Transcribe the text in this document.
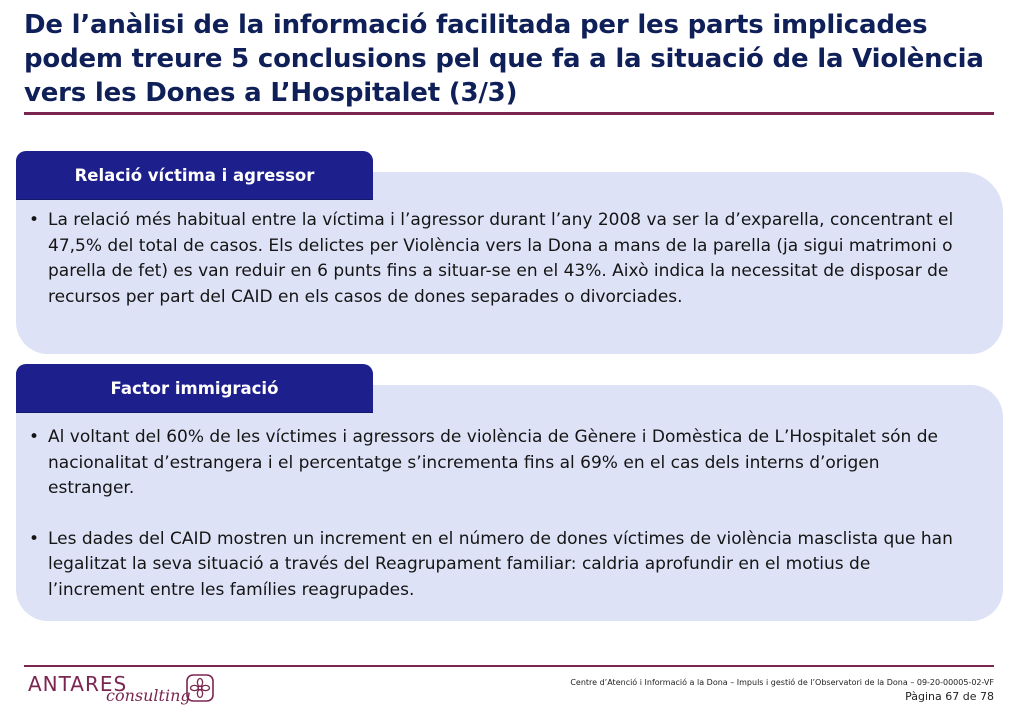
De l’anàlisi de la informació facilitada per les parts implicades podem treure 5 conclusions pel que fa a la situació de la Violència vers les Dones a L’Hospitalet (3/3)
Relació víctima i agressor
• La relació més habitual entre la víctima i l’agressor durant l’any 2008 va ser la d’exparella, concentrant el 47,5% del total de casos. Els delictes per Violència vers la Dona a mans de la parella (ja sigui matrimoni o parella de fet) es van reduir en 6 punts fins a situar-se en el 43%. Això indica la necessitat de disposar de recursos per part del CAID en els casos de dones separades o divorciades.
Factor immigració
• Al voltant del 60% de les víctimes i agressors de violència de Gènere i Domèstica de L’Hospitalet són de nacionalitat d’estrangera i el percentatge s’incrementa fins al 69% en el cas dels interns d’origen estranger.
• Les dades del CAID mostren un increment en el número de dones víctimes de violència masclista que han legalitzat la seva situació a través del Reagrupament familiar: caldria aprofundir en el motius de l’increment entre les famílies reagrupades.
ANTARES
consulting
Centre d’Atenció i Informació a la Dona – Impuls i gestió de l’Observatori de la Dona – 09-20-00005-02-VF
Pàgina 67 de 78
